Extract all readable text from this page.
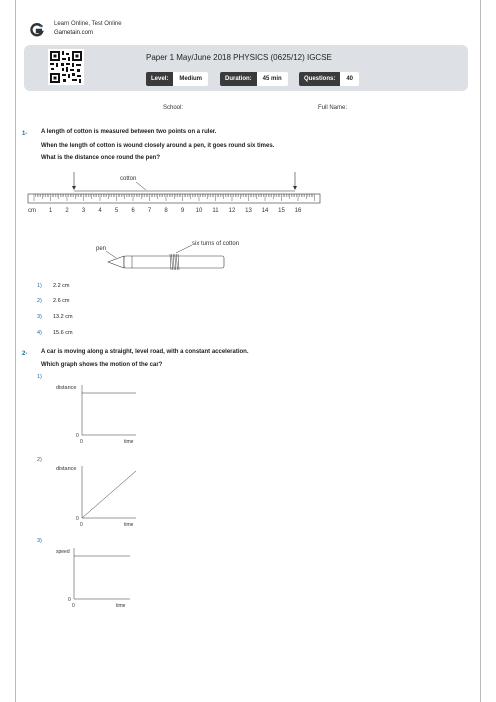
Learn Online, Test Online
Gametain.com
Paper 1 May/June 2018 PHYSICS (0625/12) IGCSE
Level:	Medium	Duration:	45 min	Questions:	40
School:	Full Name:
1- A length of cotton is measured between two points on a ruler.
When the length of cotton is wound closely around a pen, it goes round six times.
What is the distance once round the pen?
cotton
cm 1 2 3 4 5 6 7 8 9 10 11 12 13 14 15 16
pen
six turns of cotton
1) 2.2 cm
2) 2.6 cm
3) 13.2 cm
4) 15.6 cm
2- A car is moving along a straight, level road, with a constant acceleration.
Which graph shows the motion of the car?
1)
distance
0
0	time
2)
distance
0
0	time
3)
speed
0
0	time
